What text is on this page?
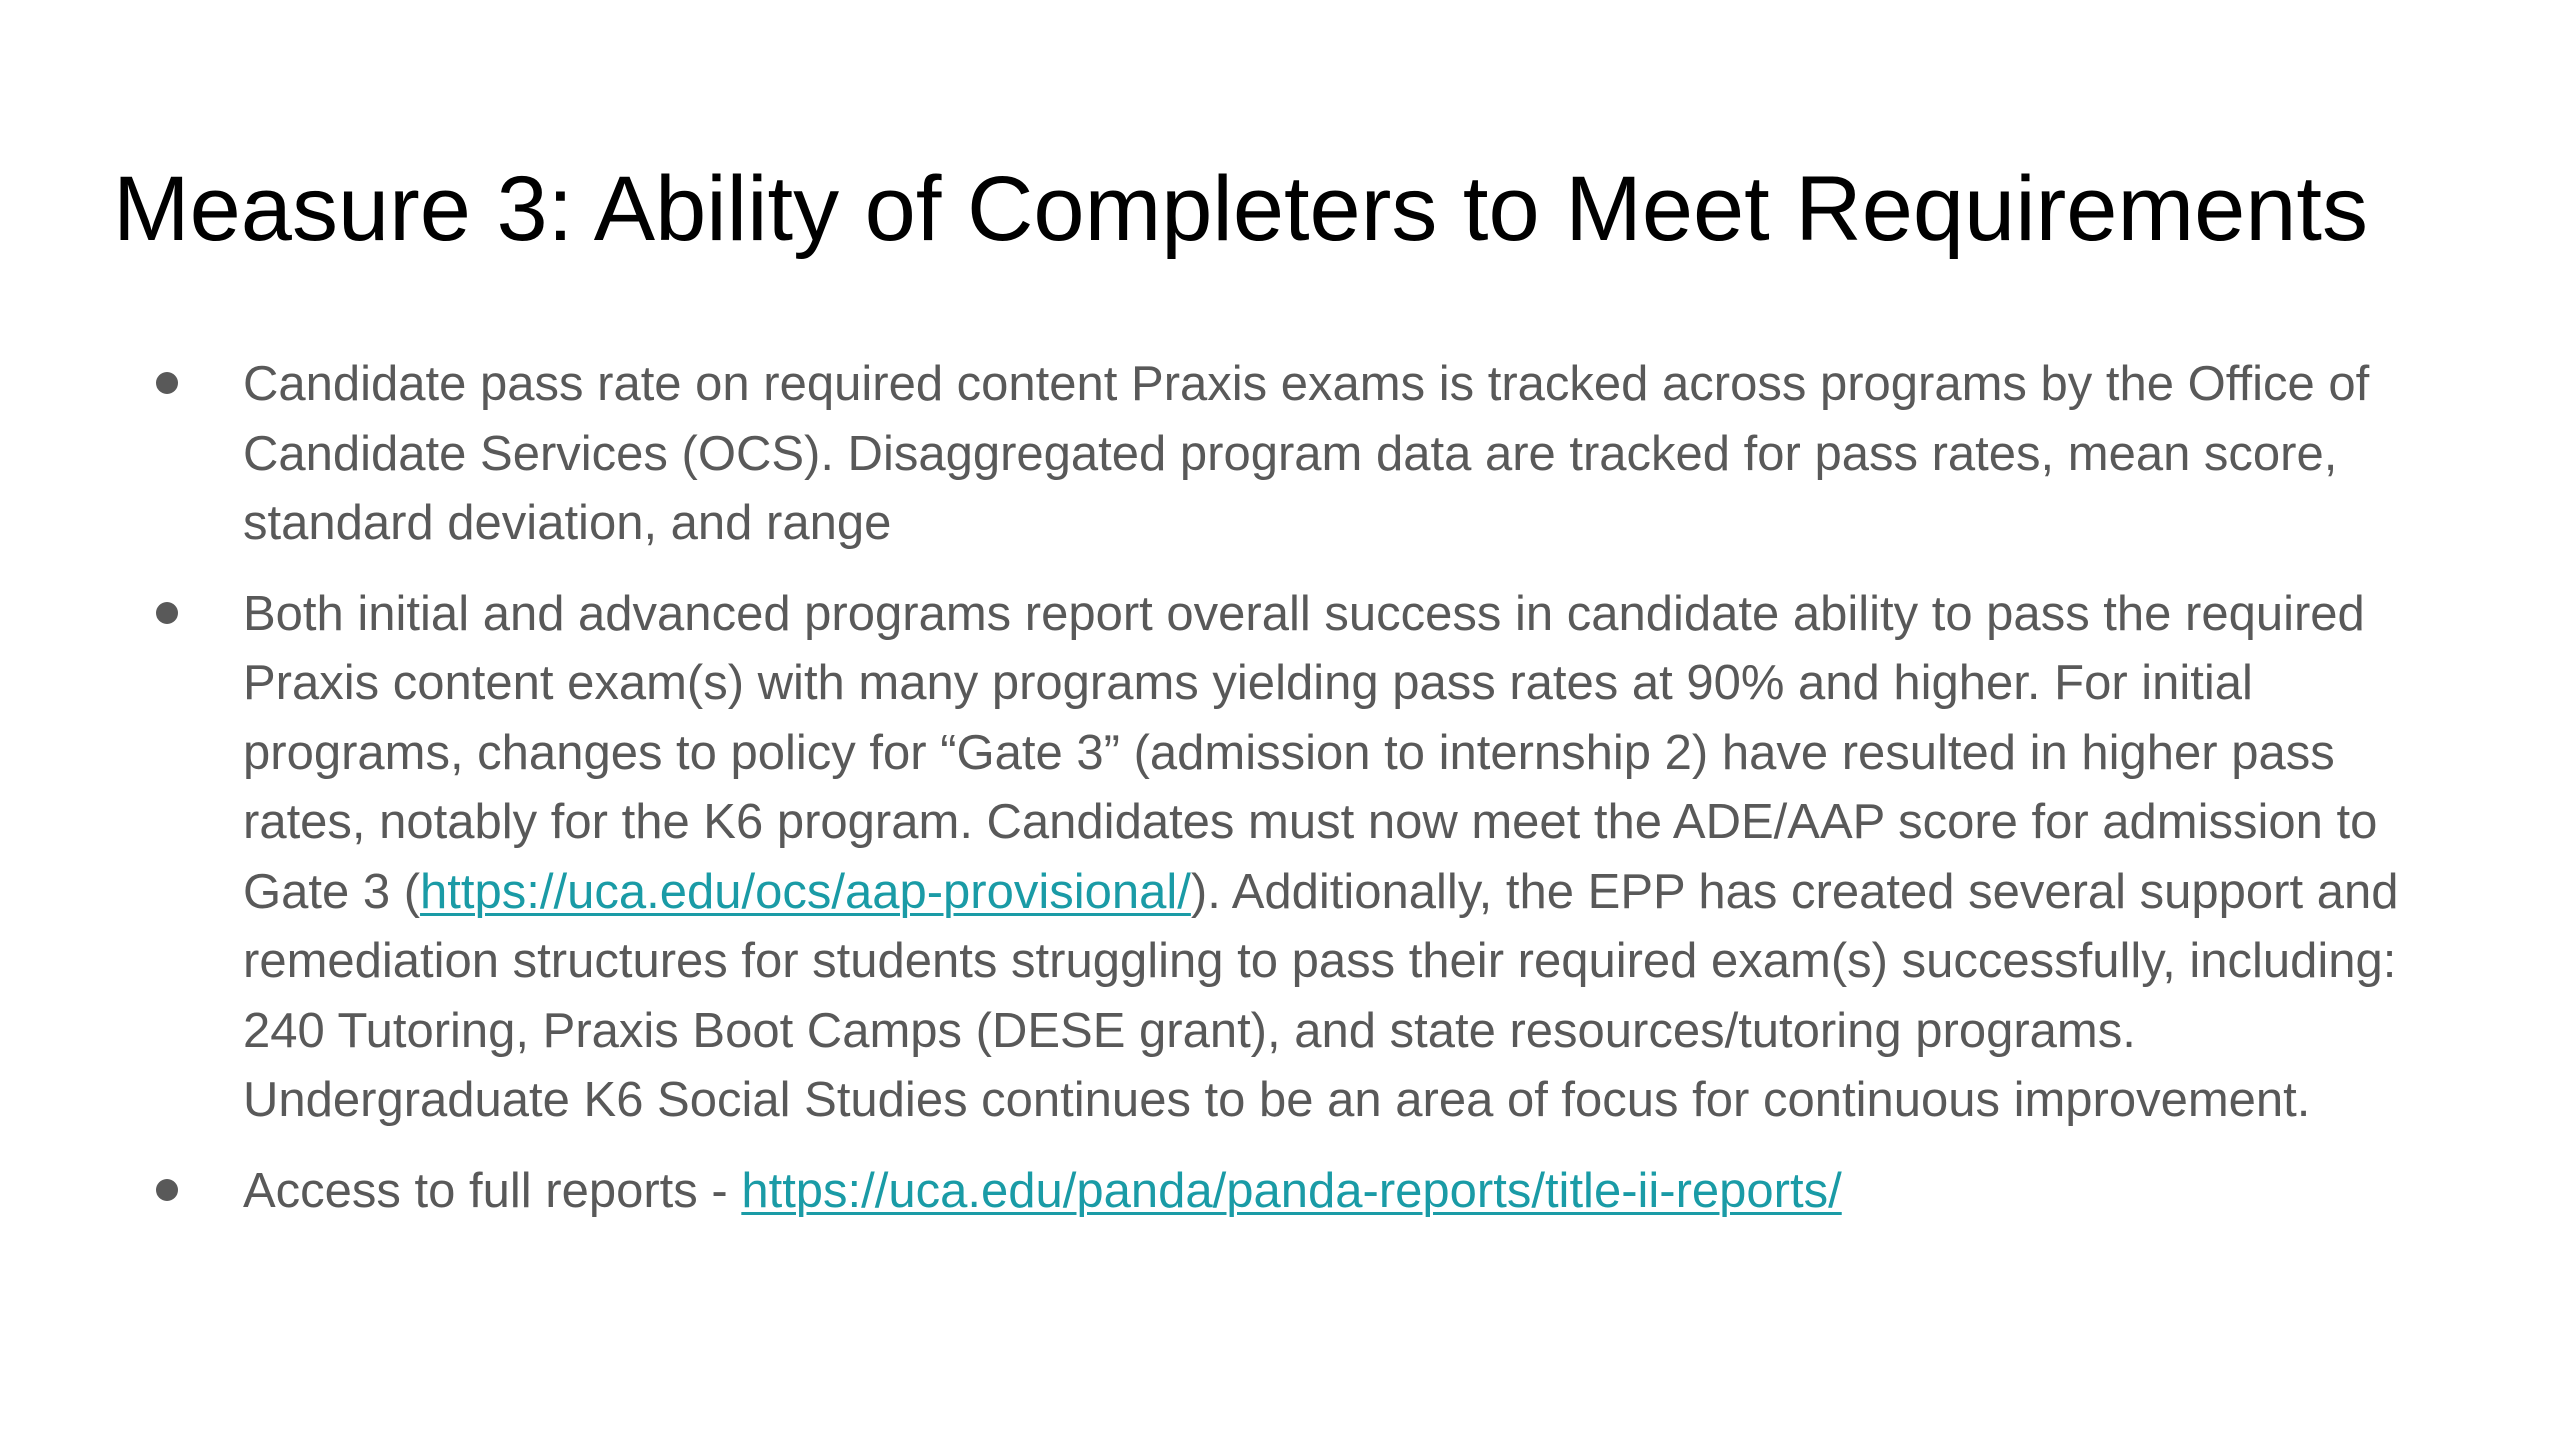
Measure 3: Ability of Completers to Meet Requirements
Candidate pass rate on required content Praxis exams is tracked across programs by the Office of Candidate Services (OCS). Disaggregated program data are tracked for pass rates, mean score, standard deviation, and range
Both initial and advanced programs report overall success in candidate ability to pass the required Praxis content exam(s) with many programs yielding pass rates at 90% and higher. For initial programs, changes to policy for “Gate 3” (admission to internship 2) have resulted in higher pass rates, notably for the K6 program. Candidates must now meet the ADE/AAP score for admission to Gate 3 (https://uca.edu/ocs/aap-provisional/). Additionally, the EPP has created several support and remediation structures for students struggling to pass their required exam(s) successfully, including: 240 Tutoring, Praxis Boot Camps (DESE grant), and state resources/tutoring programs. Undergraduate K6 Social Studies continues to be an area of focus for continuous improvement.
Access to full reports - https://uca.edu/panda/panda-reports/title-ii-reports/
